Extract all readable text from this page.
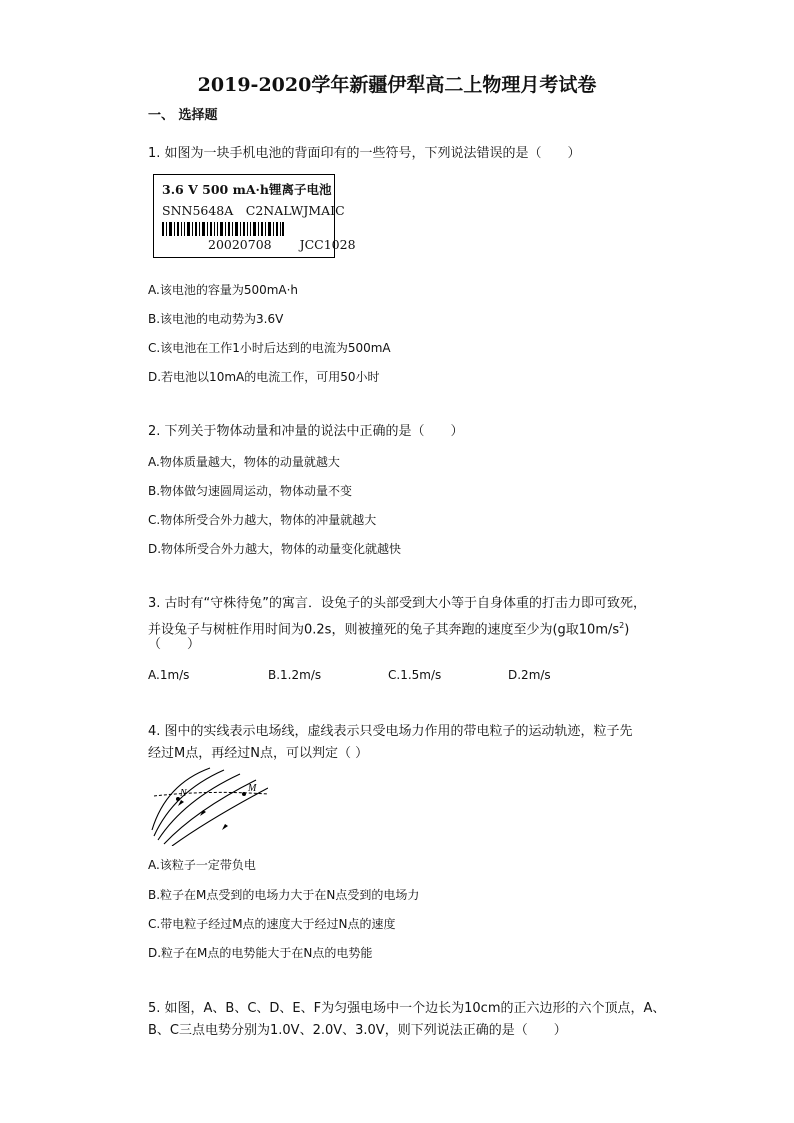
2019-2020学年新疆伊犁高二上物理月考试卷
一、 选择题
1. 如图为一块手机电池的背面印有的一些符号，下列说法错误的是（　　）
3.6 V 500 mA·h锂离子电池
SNN5648A　C2NALWJMAIC
20020708 JCC1028
A.该电池的容量为500mA·h
B.该电池的电动势为3.6V
C.该电池在工作1小时后达到的电流为500mA
D.若电池以10mA的电流工作，可用50小时
2. 下列关于物体动量和冲量的说法中正确的是（　　）
A.物体质量越大，物体的动量就越大
B.物体做匀速圆周运动，物体动量不变
C.物体所受合外力越大，物体的冲量就越大
D.物体所受合外力越大，物体的动量变化就越快
3. 古时有“守株待兔”的寓言．设兔子的头部受到大小等于自身体重的打击力即可致死，
并设兔子与树桩作用时间为0.2s，则被撞死的兔子其奔跑的速度至少为(g取$10m/s^2$)
（　　）
A.1m/s	B.1.2m/s	C.1.5m/s	D.2m/s
4. 图中的实线表示电场线，虚线表示只受电场力作用的带电粒子的运动轨迹，粒子先
经过M点，再经过N点，可以判定（ ）
N	M
A.该粒子一定带负电
B.粒子在M点受到的电场力大于在N点受到的电场力
C.带电粒子经过M点的速度大于经过N点的速度
D.粒子在M点的电势能大于在N点的电势能
5. 如图，A、B、C、D、E、F为匀强电场中一个边长为10cm的正六边形的六个顶点，A、
B、C三点电势分别为1.0V、2.0V、3.0V，则下列说法正确的是（　　）
